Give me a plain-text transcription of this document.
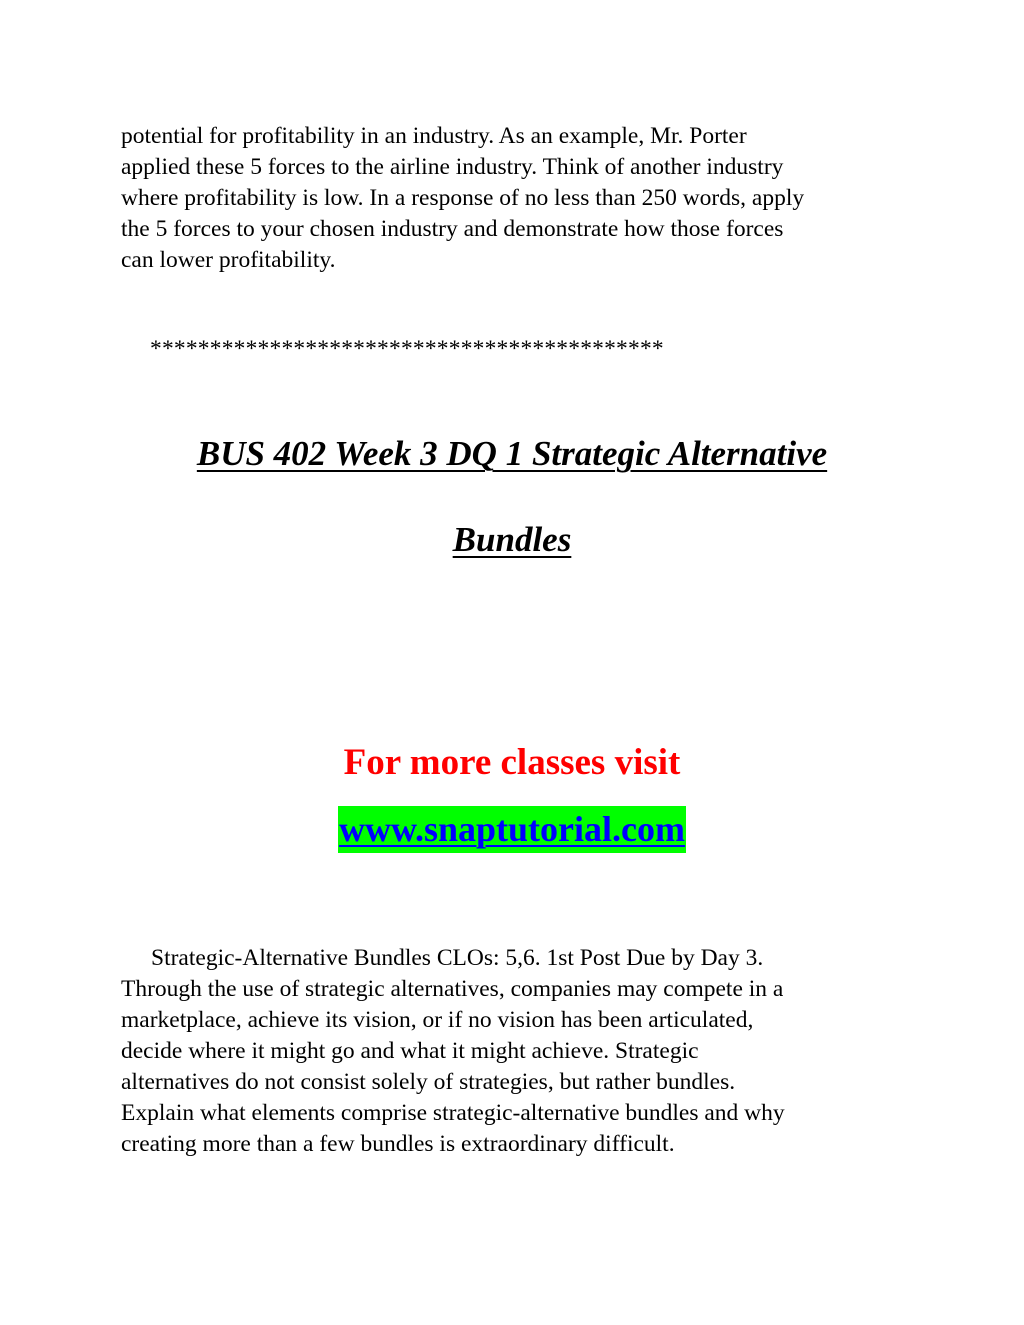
potential for profitability in an industry. As an example, Mr. Porter
applied these 5 forces to the airline industry. Think of another industry
where profitability is low. In a response of no less than 250 words, apply
the 5 forces to your chosen industry and demonstrate how those forces
can lower profitability.

*******************************************
BUS 402 Week 3 DQ 1 Strategic Alternative
Bundles
For more classes visit
www.snaptutorial.com

Strategic-Alternative Bundles CLOs: 5,6. 1st Post Due by Day 3.
Through the use of strategic alternatives, companies may compete in a
marketplace, achieve its vision, or if no vision has been articulated,
decide where it might go and what it might achieve. Strategic
alternatives do not consist solely of strategies, but rather bundles.
Explain what elements comprise strategic-alternative bundles and why
creating more than a few bundles is extraordinary difficult.
